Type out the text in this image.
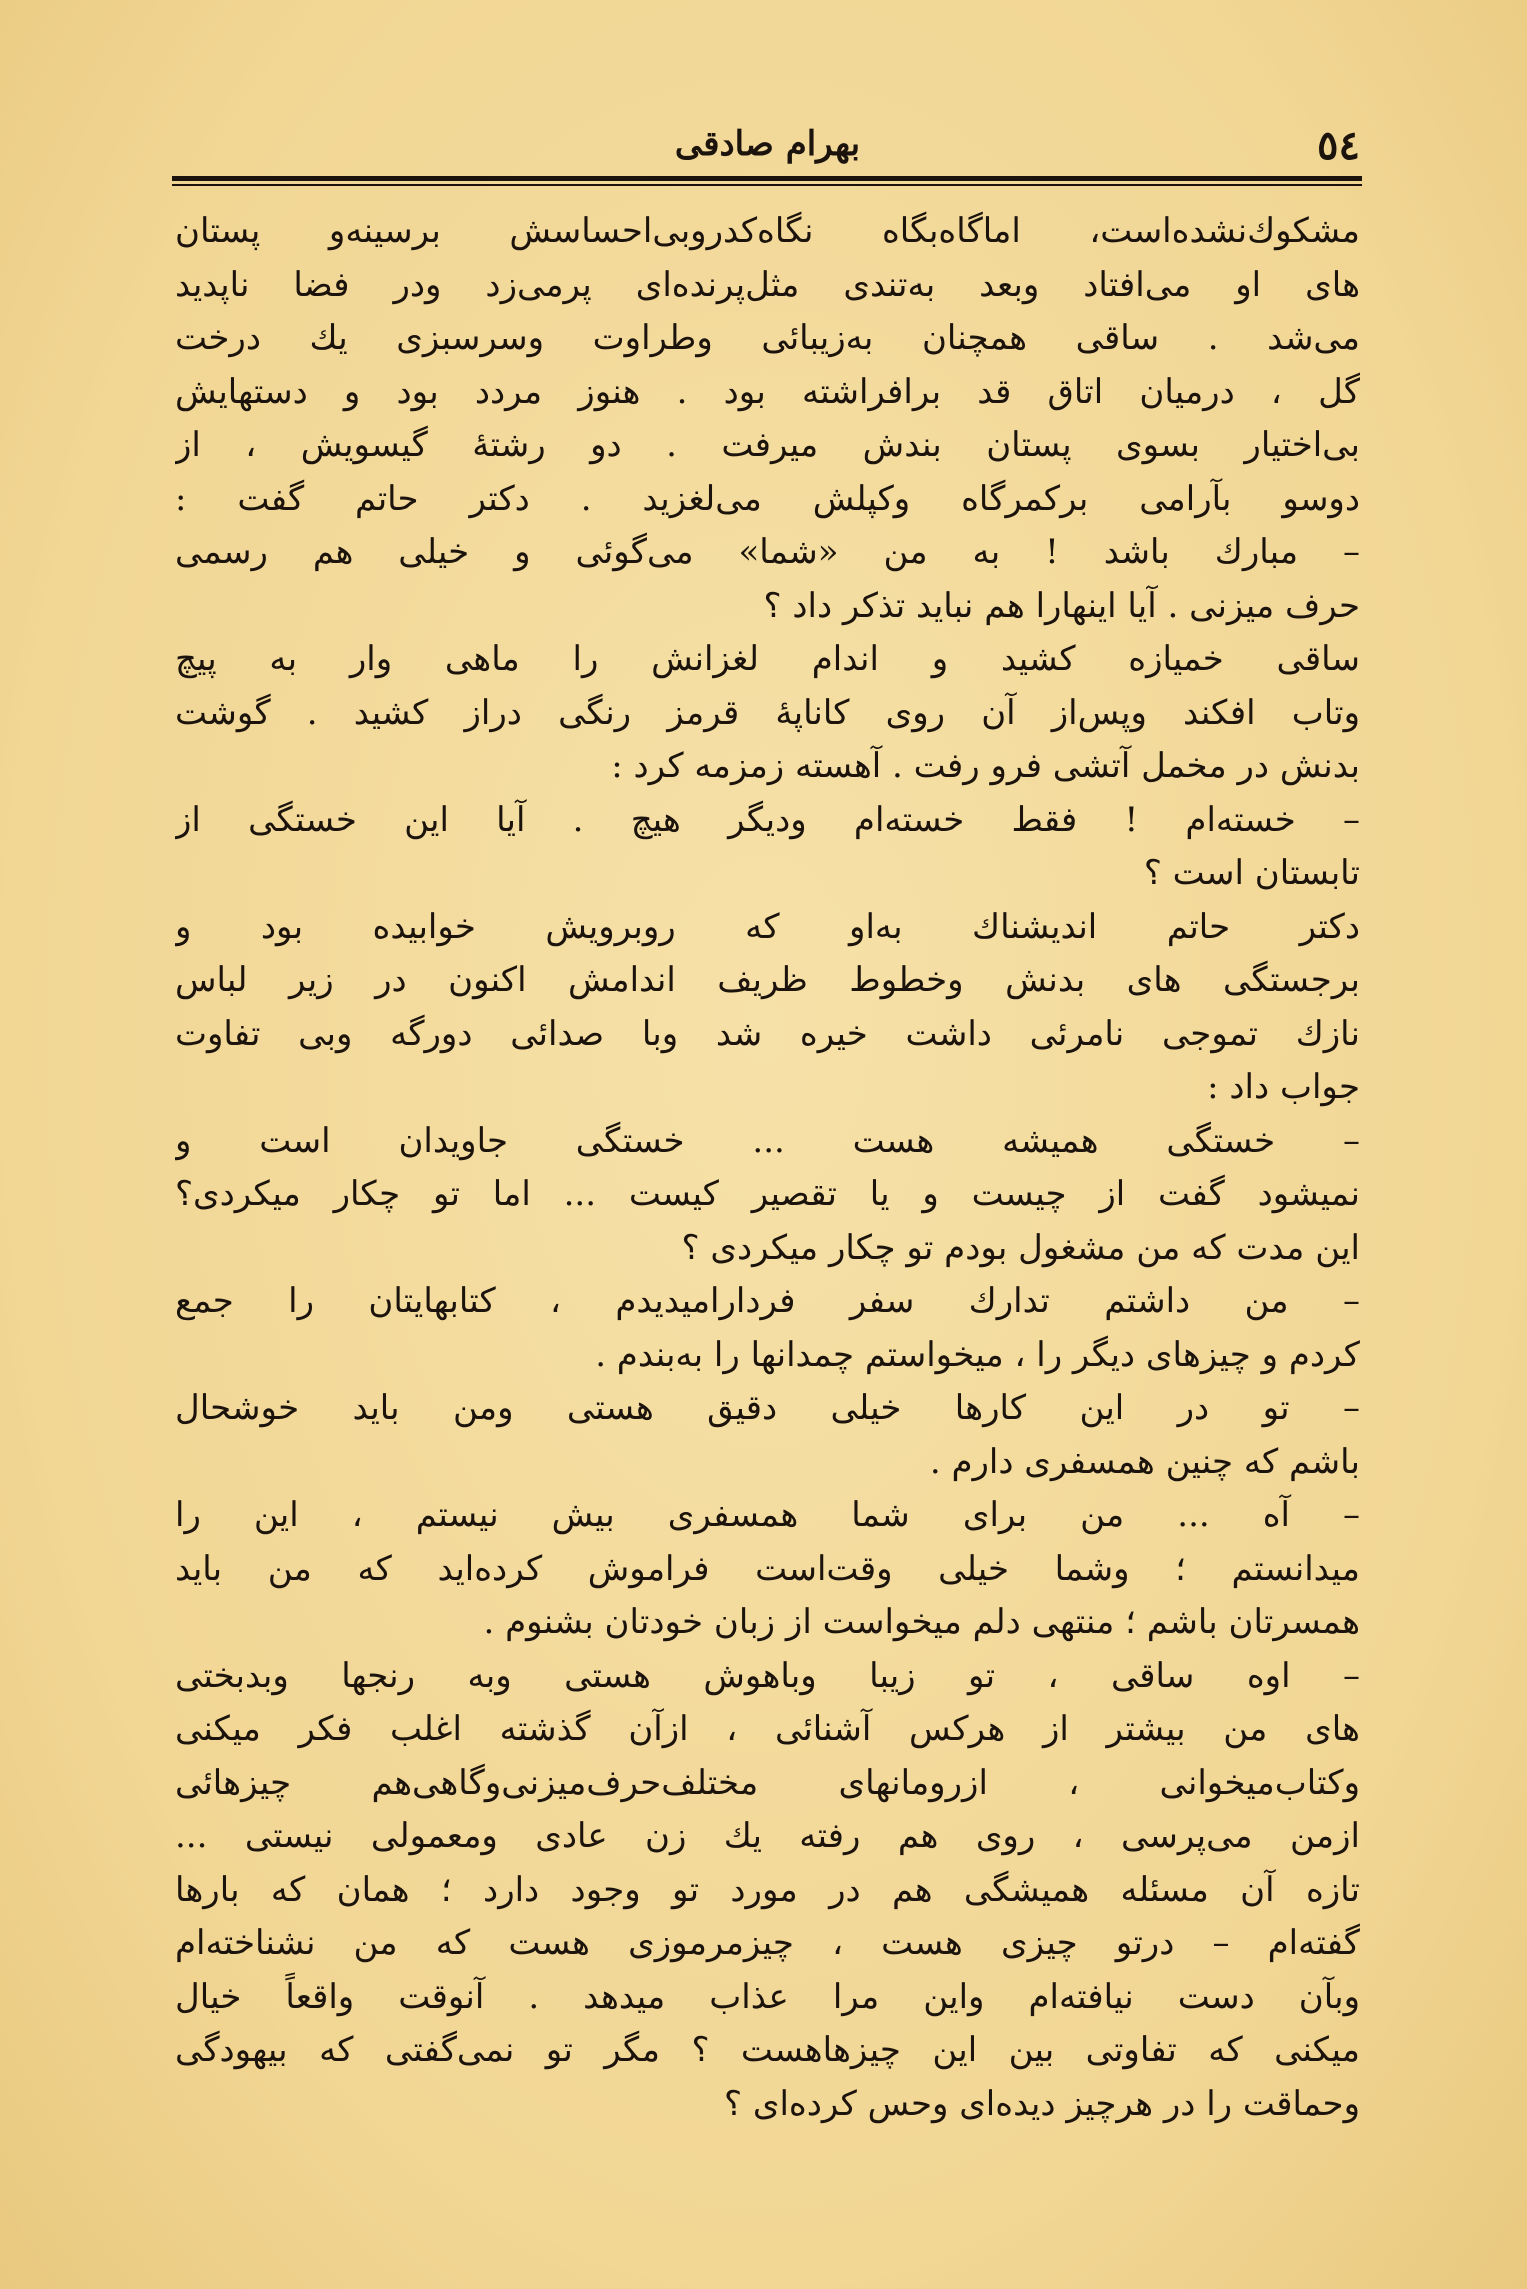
٥٤
بهرام صادقی
مشکوك‌نشده‌است، اماگاه‌بگاه نگاه‌کدرو‌بی‌احساسش برسینه‌و پستان
های او می‌افتاد وبعد به‌تندی مثل‌پرنده‌ای پرمی‌زد ودر فضا ناپدید
می‌شد . ساقی همچنان به‌زیبائی وطراوت وسرسبزی یك درخت
گل ، درمیان اتاق قد برافراشته بود . هنوز مردد بود و دستهایش
بی‌اختیار بسوی پستان بندش میرفت . دو رشتهٔ گیسویش ، از
دوسو بآرامی برکمرگاه وکپلش می‌لغزید . دکتر حاتم گفت :
– مبارك باشد ! به من «شما» می‌گوئی و خیلی هم رسمی
حرف میزنی . آیا اینهارا هم نباید تذکر داد ؟
ساقی خمیازه کشید و اندام لغزانش را ماهی وار به پیچ
وتاب افکند وپس‌از آن روی کاناپهٔ قرمز رنگی دراز کشید . گوشت
بدنش در مخمل آتشی فرو رفت . آهسته زمزمه کرد :
– خسته‌ام ! فقط خسته‌ام ودیگر هیچ . آیا این خستگی از
تابستان است ؟
دکتر حاتم اندیشناك به‌او که روبرویش خوابیده بود و
برجستگی های بدنش وخطوط ظریف اندامش اکنون در زیر لباس
نازك تموجی نامرئی داشت خیره شد وبا صدائی دورگه وبی تفاوت
جواب داد :
– خستگی همیشه هست ... خستگی جاویدان است و
نمیشود گفت از چیست و یا تقصیر کیست ... اما تو چکار میکردی؟
این مدت که من مشغول بودم تو چکار میکردی ؟
– من داشتم تدارك سفر فردارامیدیدم ، کتابهایتان را جمع
کردم و چیزهای دیگر را ، میخواستم چمدانها را به‌بندم .
– تو در این کارها خیلی دقیق هستی ومن باید خوشحال
باشم که چنین همسفری دارم .
– آه ... من برای شما همسفری بیش نیستم ، این را
میدانستم ؛ وشما خیلی وقت‌است فراموش کرده‌اید که من باید
همسرتان باشم ؛ منتهی دلم میخواست از زبان خودتان بشنوم .
– اوه ساقی ، تو زیبا وباهوش هستی وبه رنجها وبدبختی
های من بیشتر از هرکس آشنائی ، ازآن گذشته اغلب فکر میکنی
وکتاب‌میخوانی ، ازرومانهای مختلف‌حرف‌میزنی‌وگاهی‌هم چیزهائی
ازمن می‌پرسی ، روی هم رفته یك زن عادی ومعمولی نیستی ...
تازه آن مسئله همیشگی هم در مورد تو وجود دارد ؛ همان که بارها
گفته‌ام – درتو چیزی هست ، چیزمرموزی هست که من نشناخته‌ام
وبآن دست نیافته‌ام واین مرا عذاب میدهد . آنوقت واقعاً خیال
میکنی که تفاوتی بین این چیزهاهست ؟ مگر تو نمی‌گفتی که بیهودگی
وحماقت را در هرچیز دیده‌ای وحس کرده‌ای ؟
